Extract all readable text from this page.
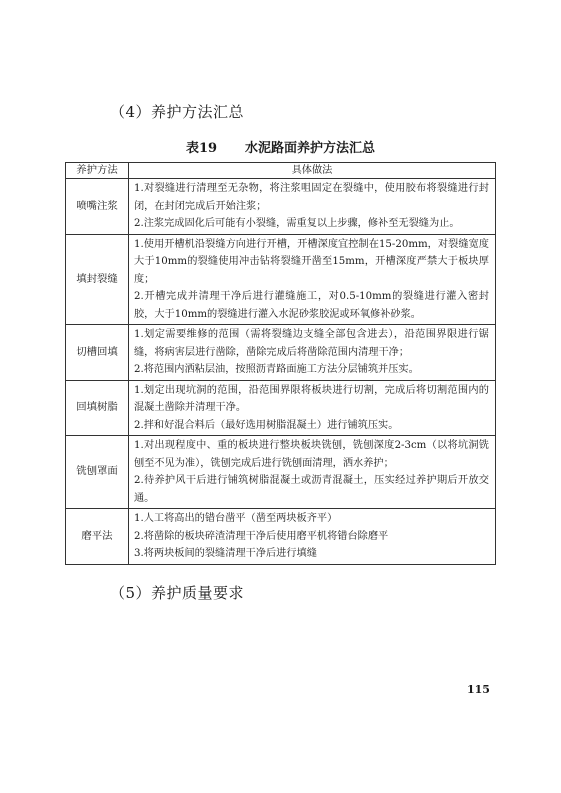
（4）养护方法汇总
表19 水泥路面养护方法汇总
养护方法	具体做法
喷嘴注浆	1.对裂缝进行清理至无杂物，将注浆咀固定在裂缝中，使用胶布将裂缝进行封闭，在封闭完成后开始注浆；

2.注浆完成固化后可能有小裂缝，需重复以上步骤，修补至无裂缝为止。

填封裂缝	1.使用开槽机沿裂缝方向进行开槽，开槽深度宜控制在15-20mm，对裂缝宽度大于10mm的裂缝使用冲击钻将裂缝开凿至15mm，开槽深度严禁大于板块厚度；

2.开槽完成并清理干净后进行灌缝施工，对0.5-10mm的裂缝进行灌入密封胶，大于10mm的裂缝进行灌入水泥砂浆胶泥或环氧修补砂浆。

切槽回填	1.划定需要维修的范围（需将裂缝边支缝全部包含进去），沿范围界限进行锯缝，将病害层进行凿除，凿除完成后将凿除范围内清理干净；

2.将范围内洒粘层油，按照沥青路面施工方法分层铺筑并压实。

回填树脂	1.划定出现坑洞的范围，沿范围界限将板块进行切割，完成后将切割范围内的混凝土凿除并清理干净。

2.拌和好混合料后（最好选用树脂混凝土）进行铺筑压实。

铣刨罩面	1.对出现程度中、重的板块进行整块板块铣刨，铣刨深度2-3cm（以将坑洞铣刨至不见为准），铣刨完成后进行铣刨面清理，洒水养护；

2.待养护风干后进行铺筑树脂混凝土或沥青混凝土，压实经过养护期后开放交通。

磨平法	1.人工将高出的错台凿平（凿至两块板齐平）

2.将凿除的板块碎渣清理干净后使用磨平机将错台除磨平

3.将两块板间的裂缝清理干净后进行填缝

（5）养护质量要求
115
